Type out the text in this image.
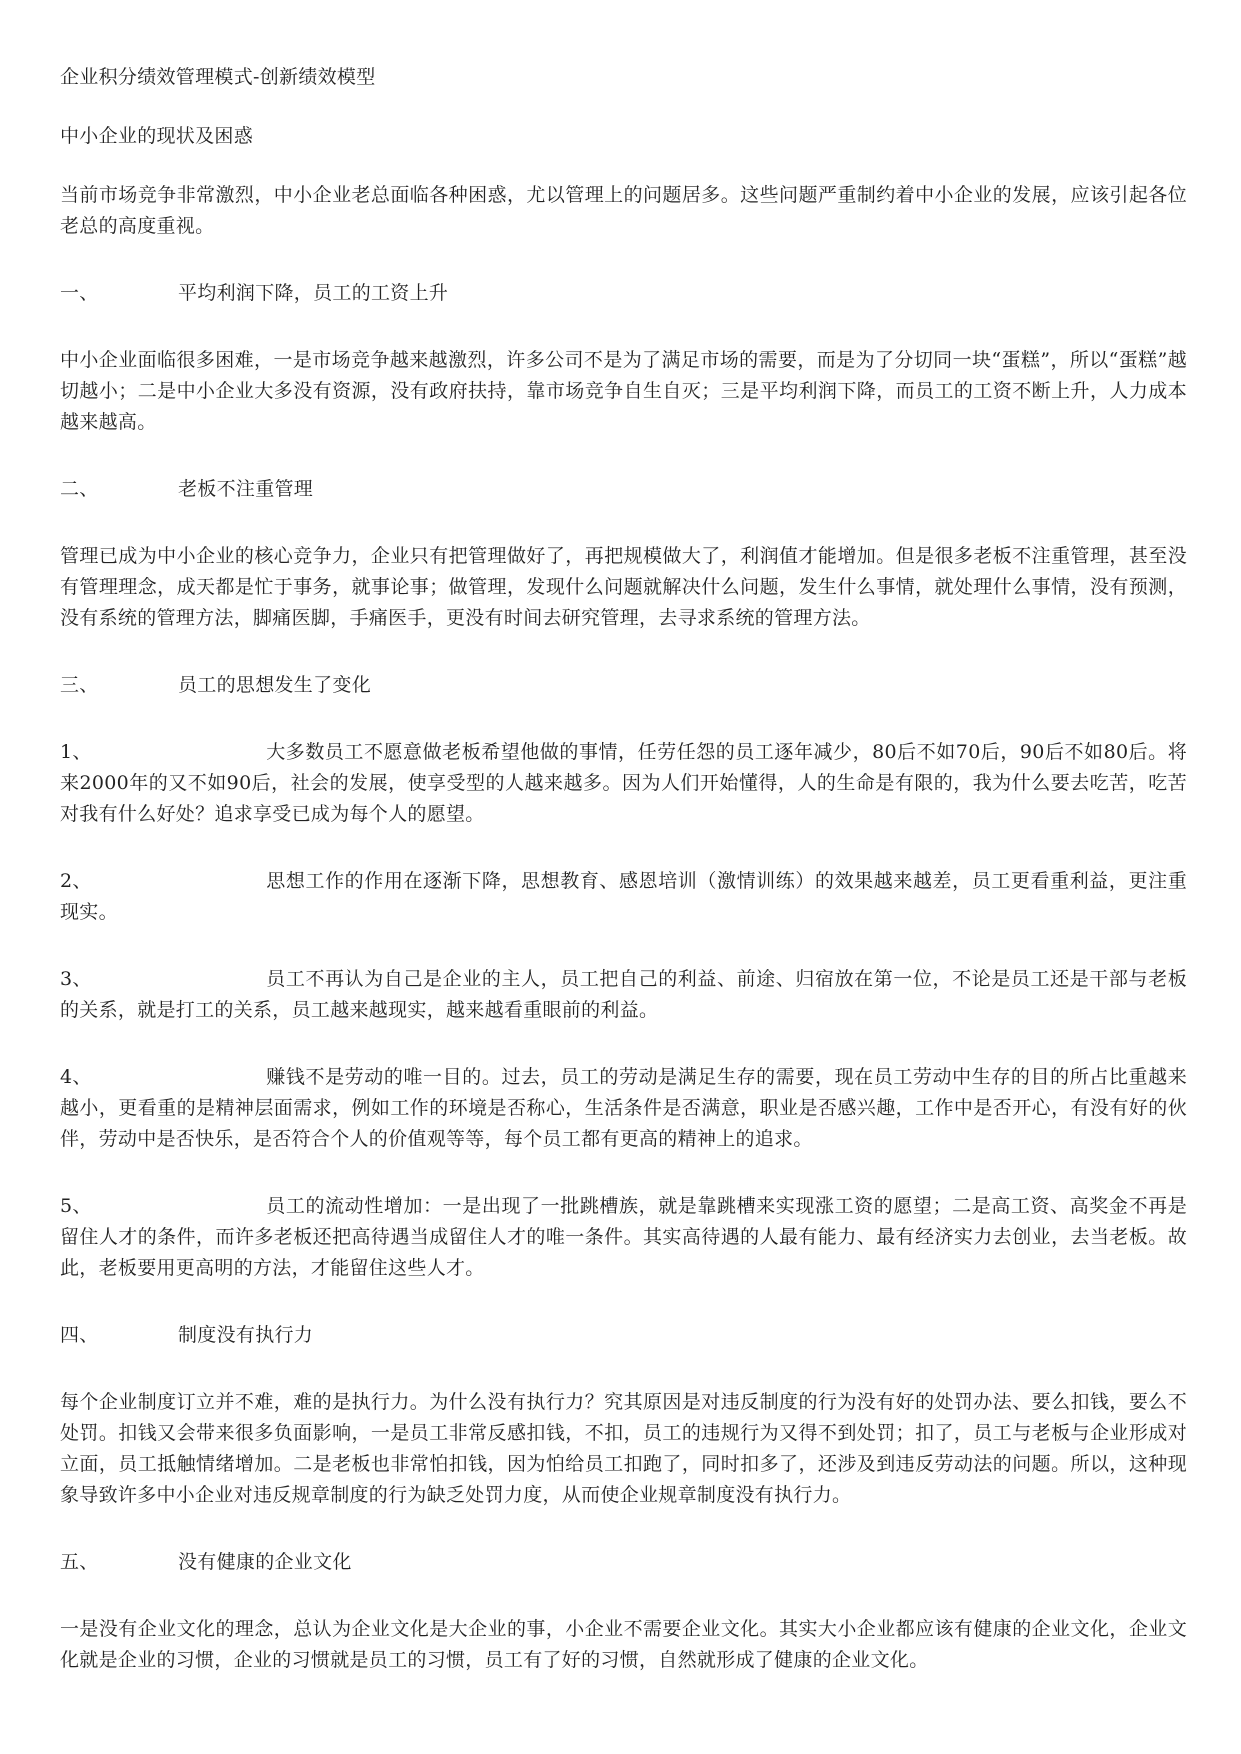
企业积分绩效管理模式-创新绩效模型

中小企业的现状及困惑

当前市场竞争非常激烈，中小企业老总面临各种困惑，尤以管理上的问题居多。这些问题严重制约着中小企业的发展，应该引起各位老总的高度重视。

一、	平均利润下降，员工的工资上升

中小企业面临很多困难，一是市场竞争越来越激烈，许多公司不是为了满足市场的需要，而是为了分切同一块“蛋糕”，所以“蛋糕”越切越小；二是中小企业大多没有资源，没有政府扶持，靠市场竞争自生自灭；三是平均利润下降，而员工的工资不断上升，人力成本越来越高。

二、	老板不注重管理

管理已成为中小企业的核心竞争力，企业只有把管理做好了，再把规模做大了，利润值才能增加。但是很多老板不注重管理，甚至没有管理理念，成天都是忙于事务，就事论事；做管理，发现什么问题就解决什么问题，发生什么事情，就处理什么事情，没有预测，没有系统的管理方法，脚痛医脚，手痛医手，更没有时间去研究管理，去寻求系统的管理方法。

三、	员工的思想发生了变化

1、	大多数员工不愿意做老板希望他做的事情，任劳任怨的员工逐年减少，80后不如70后，90后不如80后。将来2000年的又不如90后，社会的发展，使享受型的人越来越多。因为人们开始懂得，人的生命是有限的，我为什么要去吃苦，吃苦对我有什么好处？追求享受已成为每个人的愿望。

2、	思想工作的作用在逐渐下降，思想教育、感恩培训（激情训练）的效果越来越差，员工更看重利益，更注重现实。

3、	员工不再认为自己是企业的主人，员工把自己的利益、前途、归宿放在第一位，不论是员工还是干部与老板的关系，就是打工的关系，员工越来越现实，越来越看重眼前的利益。

4、	赚钱不是劳动的唯一目的。过去，员工的劳动是满足生存的需要，现在员工劳动中生存的目的所占比重越来越小，更看重的是精神层面需求，例如工作的环境是否称心，生活条件是否满意，职业是否感兴趣，工作中是否开心，有没有好的伙伴，劳动中是否快乐，是否符合个人的价值观等等，每个员工都有更高的精神上的追求。

5、	员工的流动性增加：一是出现了一批跳槽族，就是靠跳槽来实现涨工资的愿望；二是高工资、高奖金不再是留住人才的条件，而许多老板还把高待遇当成留住人才的唯一条件。其实高待遇的人最有能力、最有经济实力去创业，去当老板。故此，老板要用更高明的方法，才能留住这些人才。

四、	制度没有执行力

每个企业制度订立并不难，难的是执行力。为什么没有执行力？究其原因是对违反制度的行为没有好的处罚办法、要么扣钱，要么不处罚。扣钱又会带来很多负面影响，一是员工非常反感扣钱，不扣，员工的违规行为又得不到处罚；扣了，员工与老板与企业形成对立面，员工抵触情绪增加。二是老板也非常怕扣钱，因为怕给员工扣跑了，同时扣多了，还涉及到违反劳动法的问题。所以，这种现象导致许多中小企业对违反规章制度的行为缺乏处罚力度，从而使企业规章制度没有执行力。

五、	没有健康的企业文化

一是没有企业文化的理念，总认为企业文化是大企业的事，小企业不需要企业文化。其实大小企业都应该有健康的企业文化，企业文化就是企业的习惯，企业的习惯就是员工的习惯，员工有了好的习惯，自然就形成了健康的企业文化。
